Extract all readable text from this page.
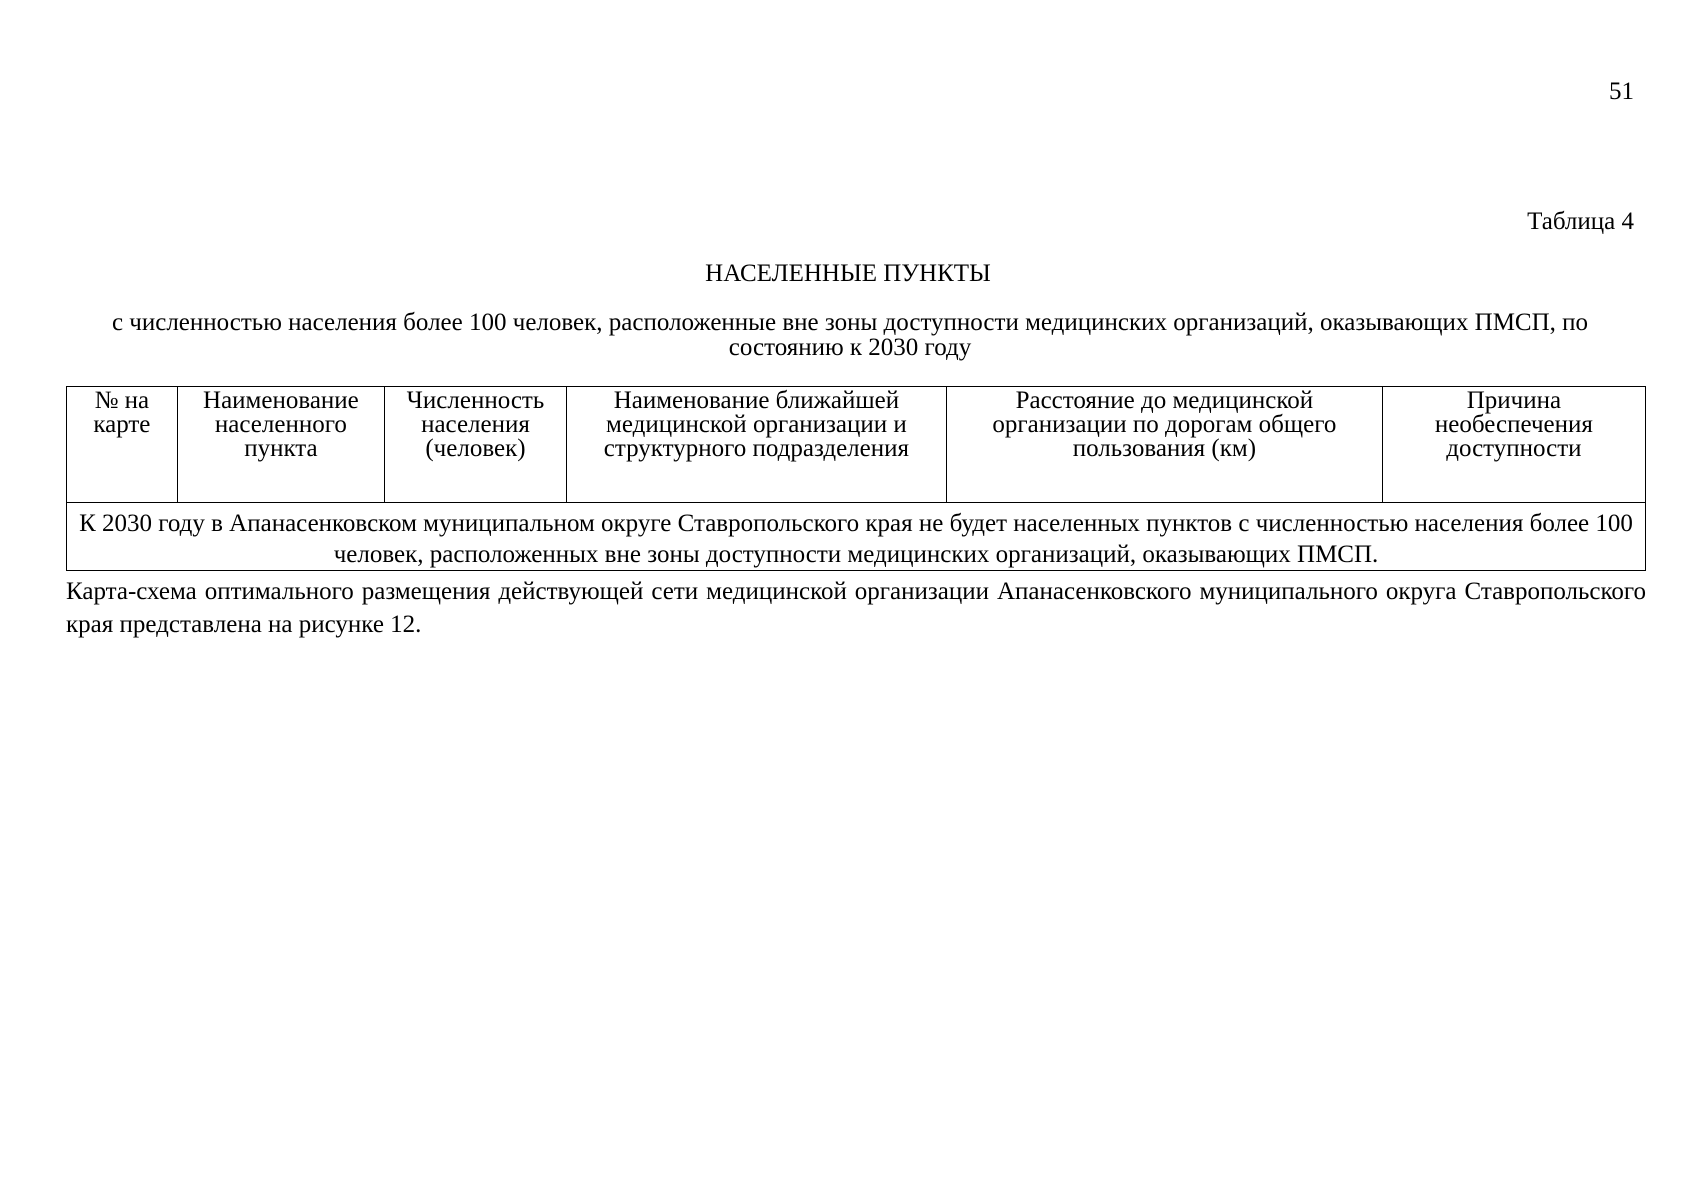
51
Таблица 4
НАСЕЛЕННЫЕ ПУНКТЫ
с численностью населения более 100 человек, расположенные вне зоны доступности медицинских организаций, оказывающих ПМСП, по состоянию к 2030 году
№ на карте	Наименование населенного пункта	Численность населения (человек)	Наименование ближайшей медицинской организации и структурного подразделения	Расстояние до медицинской организации по дорогам общего пользования (км)	Причина необеспечения доступности
К 2030 году в Апанасенковском муниципальном округе Ставропольского края не будет населенных пунктов с численностью населения более 100 человек, расположенных вне зоны доступности медицинских организаций, оказывающих ПМСП.
Карта-схема оптимального размещения действующей сети медицинской организации Апанасенковского муниципального округа Ставропольского края представлена на рисунке 12.
